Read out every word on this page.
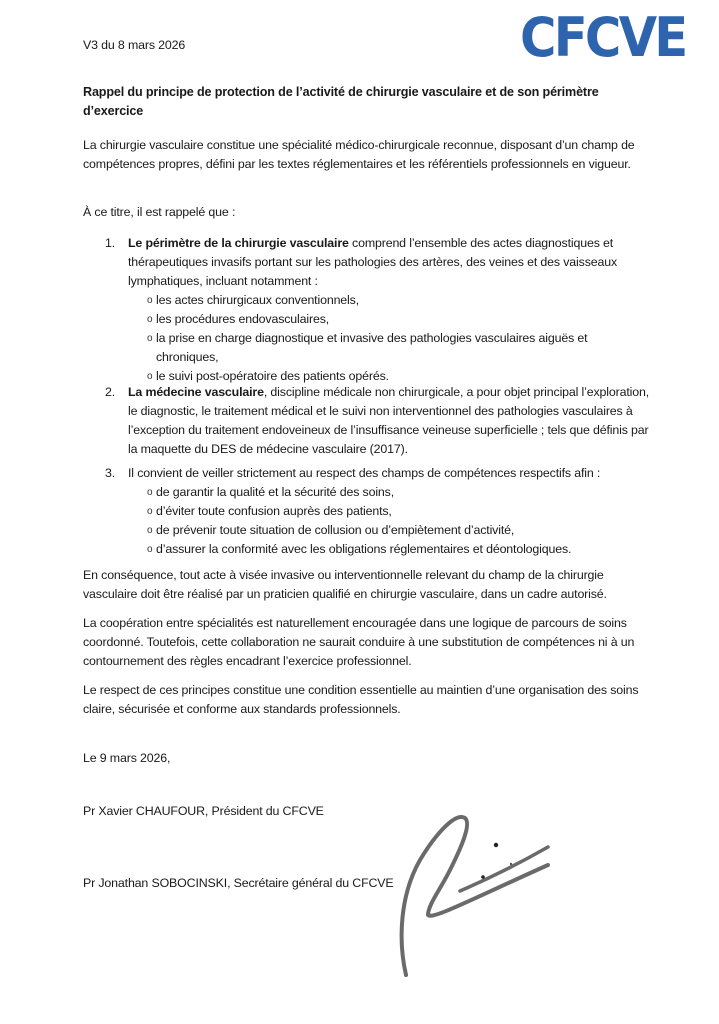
V3 du 8 mars 2026	CFCVE
Rappel du principe de protection de l’activité de chirurgie vasculaire et de son périmètre d’exercice
La chirurgie vasculaire constitue une spécialité médico-chirurgicale reconnue, disposant d’un champ de compétences propres, défini par les textes réglementaires et les référentiels professionnels en vigueur.
À ce titre, il est rappelé que :
1. Le périmètre de la chirurgie vasculaire comprend l’ensemble des actes diagnostiques et thérapeutiques invasifs portant sur les pathologies des artères, des veines et des vaisseaux lymphatiques, incluant notamment :
o les actes chirurgicaux conventionnels,
o les procédures endovasculaires,
o la prise en charge diagnostique et invasive des pathologies vasculaires aiguës et chroniques,
o le suivi post-opératoire des patients opérés.
2. La médecine vasculaire, discipline médicale non chirurgicale, a pour objet principal l’exploration, le diagnostic, le traitement médical et le suivi non interventionnel des pathologies vasculaires à l’exception du traitement endoveineux de l’insuffisance veineuse superficielle ; tels que définis par la maquette du DES de médecine vasculaire (2017).
3. Il convient de veiller strictement au respect des champs de compétences respectifs afin :
o de garantir la qualité et la sécurité des soins,
o d’éviter toute confusion auprès des patients,
o de prévenir toute situation de collusion ou d’empiètement d’activité,
o d’assurer la conformité avec les obligations réglementaires et déontologiques.
En conséquence, tout acte à visée invasive ou interventionnelle relevant du champ de la chirurgie vasculaire doit être réalisé par un praticien qualifié en chirurgie vasculaire, dans un cadre autorisé.
La coopération entre spécialités est naturellement encouragée dans une logique de parcours de soins coordonné. Toutefois, cette collaboration ne saurait conduire à une substitution de compétences ni à un contournement des règles encadrant l’exercice professionnel.
Le respect de ces principes constitue une condition essentielle au maintien d’une organisation des soins claire, sécurisée et conforme aux standards professionnels.
Le 9 mars 2026,
Pr Xavier CHAUFOUR, Président du CFCVE
Pr Jonathan SOBOCINSKI, Secrétaire général du CFCVE
